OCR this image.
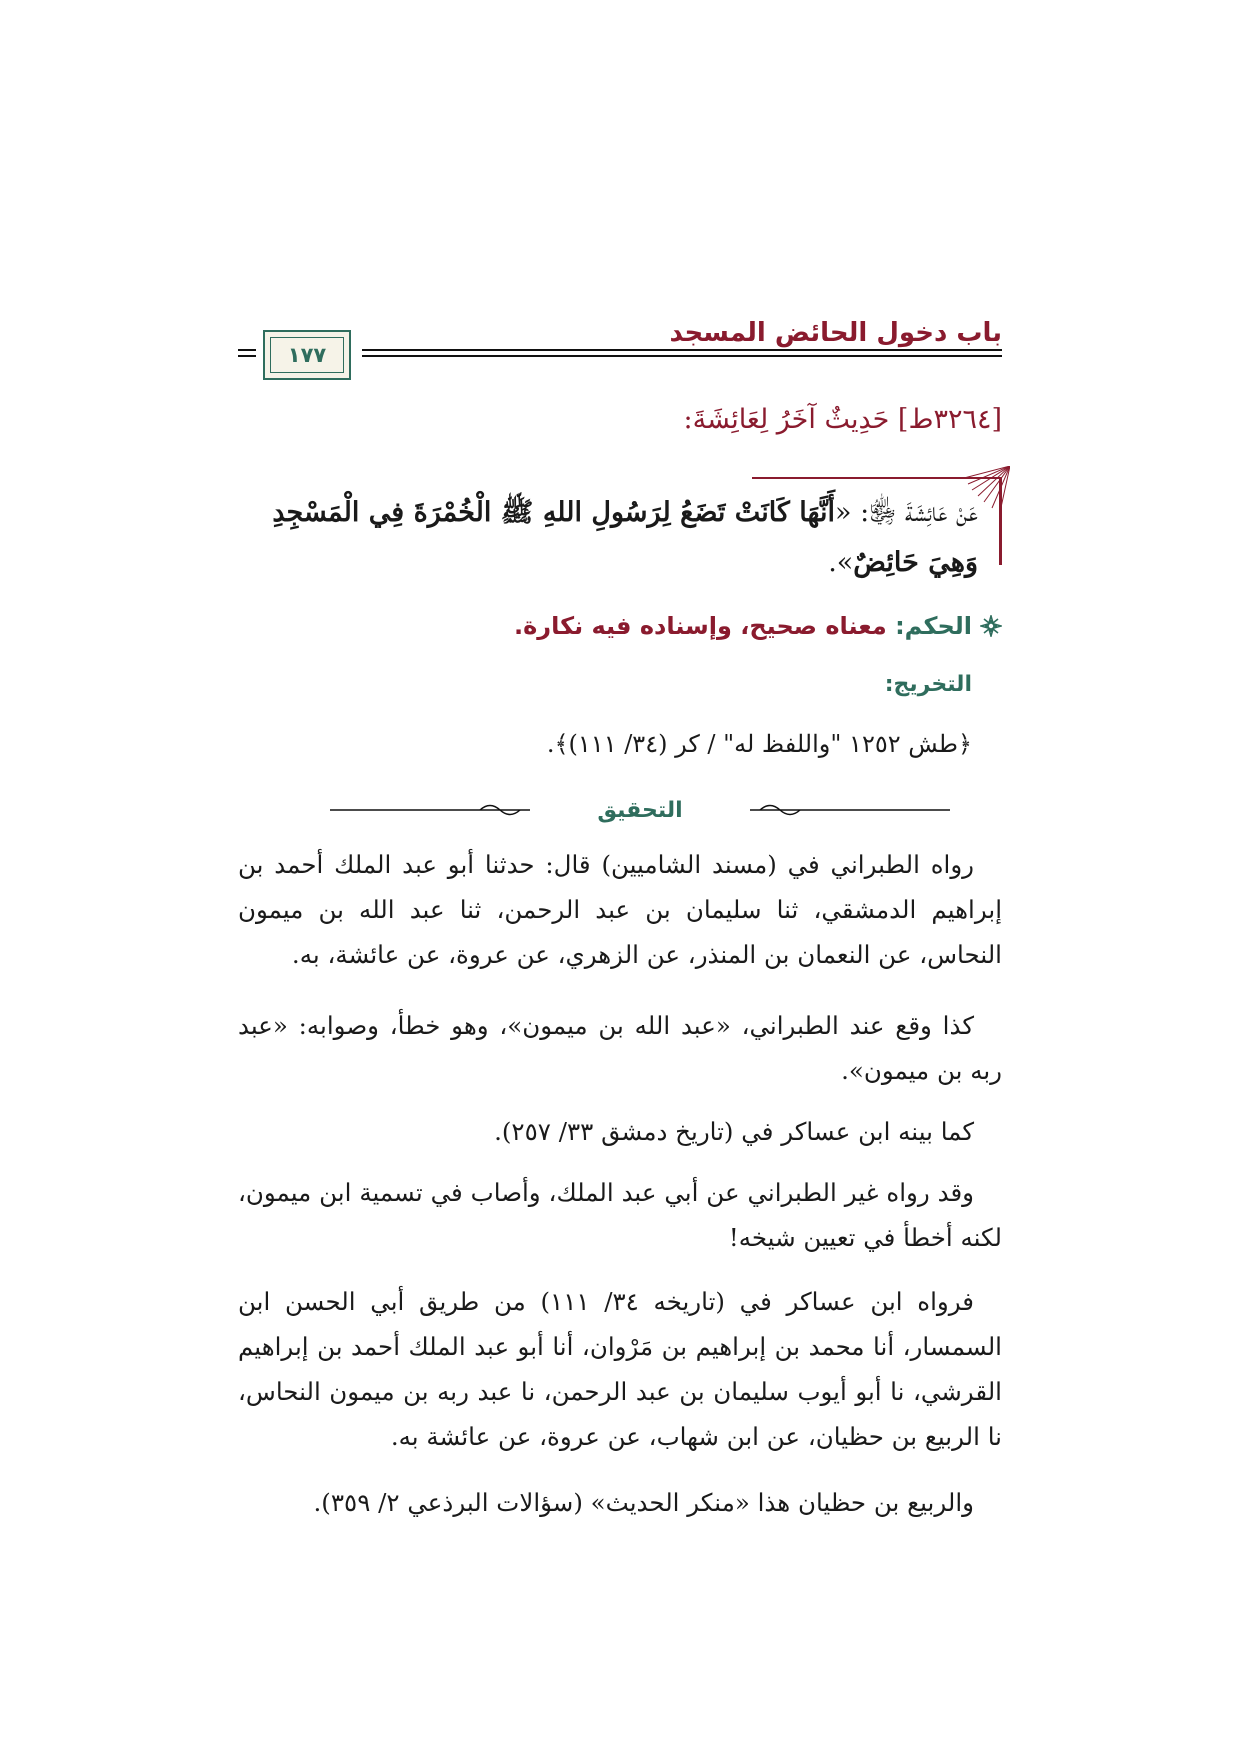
باب دخول الحائض المسجد
١٧٧
[٣٢٦٤ط] حَدِيثٌ آخَرُ لِعَائِشَةَ:
عَنْ عَائِشَةَ ﵂: «أَنَّهَا كَانَتْ تَضَعُ لِرَسُولِ اللهِ ﷺ الْخُمْرَةَ فِي الْمَسْجِدِ وَهِيَ حَائِضٌ».
الحكم: معناه صحيح، وإسناده فيه نكارة.
التخريج:
﴿طش ١٢٥٢ "واللفظ له" / كر (٣٤/ ١١١)﴾.
التحقيق
رواه الطبراني في (مسند الشاميين) قال: حدثنا أبو عبد الملك أحمد بن إبراهيم الدمشقي، ثنا سليمان بن عبد الرحمن، ثنا عبد الله بن ميمون النحاس، عن النعمان بن المنذر، عن الزهري، عن عروة، عن عائشة، به.
كذا وقع عند الطبراني، «عبد الله بن ميمون»، وهو خطأ، وصوابه: «عبد ربه بن ميمون».
كما بينه ابن عساكر في (تاريخ دمشق ٣٣/ ٢٥٧).
وقد رواه غير الطبراني عن أبي عبد الملك، وأصاب في تسمية ابن ميمون، لكنه أخطأ في تعيين شيخه!
فرواه ابن عساكر في (تاريخه ٣٤/ ١١١) من طريق أبي الحسن ابن السمسار، أنا محمد بن إبراهيم بن مَرْوان، أنا أبو عبد الملك أحمد بن إبراهيم القرشي، نا أبو أيوب سليمان بن عبد الرحمن، نا عبد ربه بن ميمون النحاس، نا الربيع بن حظيان، عن ابن شهاب، عن عروة، عن عائشة به.
والربيع بن حظيان هذا «منكر الحديث» (سؤالات البرذعي ٢/ ٣٥٩).
